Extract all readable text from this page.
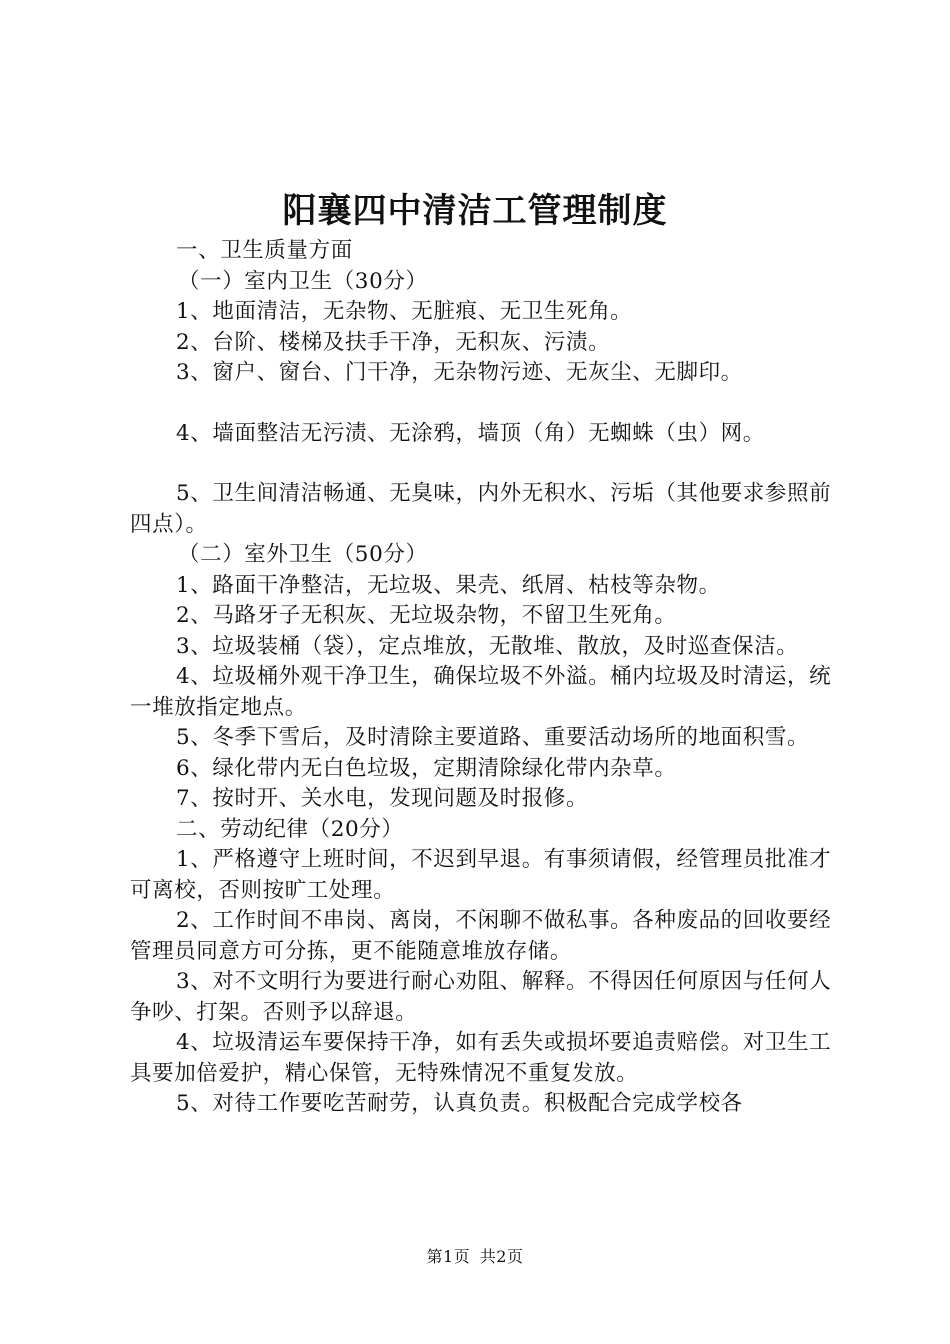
阳襄四中清洁工管理制度

一、卫生质量方面

（一）室内卫生（30分）

1、地面清洁，无杂物、无脏痕、无卫生死角。

2、台阶、楼梯及扶手干净，无积灰、污渍。

3、窗户、窗台、门干净，无杂物污迹、无灰尘、无脚印。

4、墙面整洁无污渍、无涂鸦，墙顶（角）无蜘蛛（虫）网。

5、卫生间清洁畅通、无臭味，内外无积水、污垢（其他要求参照前四点）。

（二）室外卫生（50分）

1、路面干净整洁，无垃圾、果壳、纸屑、枯枝等杂物。

2、马路牙子无积灰、无垃圾杂物，不留卫生死角。

3、垃圾装桶（袋），定点堆放，无散堆、散放，及时巡查保洁。

4、垃圾桶外观干净卫生，确保垃圾不外溢。桶内垃圾及时清运，统一堆放指定地点。

5、冬季下雪后，及时清除主要道路、重要活动场所的地面积雪。

6、绿化带内无白色垃圾，定期清除绿化带内杂草。

7、按时开、关水电，发现问题及时报修。

二、劳动纪律（20分）

1、严格遵守上班时间，不迟到早退。有事须请假，经管理员批准才可离校，否则按旷工处理。

2、工作时间不串岗、离岗，不闲聊不做私事。各种废品的回收要经管理员同意方可分拣，更不能随意堆放存储。

3、对不文明行为要进行耐心劝阻、解释。不得因任何原因与任何人争吵、打架。否则予以辞退。

4、垃圾清运车要保持干净，如有丢失或损坏要追责赔偿。对卫生工具要加倍爱护，精心保管，无特殊情况不重复发放。

5、对待工作要吃苦耐劳，认真负责。积极配合完成学校各

第1页 共2页
